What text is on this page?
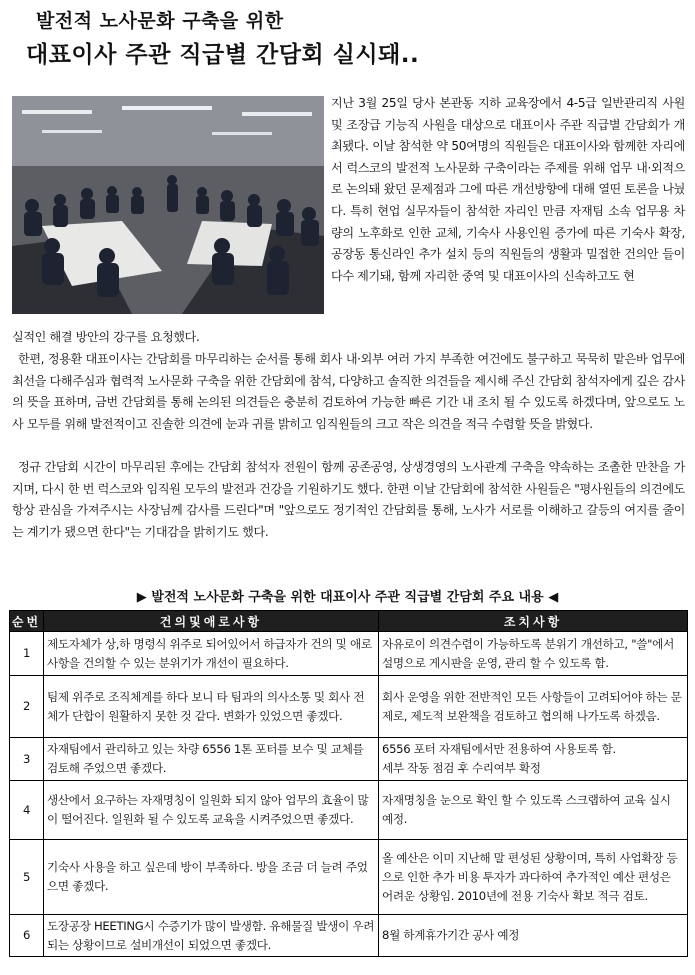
발전적 노사문화 구축을 위한
대표이사 주관 직급별 간담회 실시돼..

지난 3월 25일 당사 본관동 지하 교육장에서 4-5급 일반관리직 사원 및 조장급 기능직 사원을 대상으로 대표이사 주관 직급별 간담회가 개최됐다. 이날 참석한 약 50여명의 직원들은 대표이사와 함께한 자리에서 럭스코의 발전적 노사문화 구축이라는 주제를 위해 업무 내·외적으로 논의돼 왔던 문제점과 그에 따른 개선방향에 대해 열띤 토론을 나눴다. 특히 현업 실무자들이 참석한 자리인 만큼 자재팀 소속 업무용 차량의 노후화로 인한 교체, 기숙사 사용인원 증가에 따른 기숙사 확장, 공장동 통신라인 추가 설치 등의 직원들의 생활과 밀접한 건의안 들이 다수 제기돼, 함께 자리한 중역 및 대표이사의 신속하고도 현

실적인 해결 방안의 강구를 요청했다.

한편, 정용환 대표이사는 간담회를 마무리하는 순서를 통해 회사 내·외부 여러 가지 부족한 여건에도 불구하고 묵묵히 맡은바 업무에 최선을 다해주심과 협력적 노사문화 구축을 위한 간담회에 참석, 다양하고 솔직한 의견들을 제시해 주신 간담회 참석자에게 깊은 감사의 뜻을 표하며, 금번 간담회를 통해 논의된 의견들은 충분히 검토하여 가능한 빠른 기간 내 조치 될 수 있도록 하겠다며, 앞으로도 노사 모두를 위해 발전적이고 진솔한 의견에 눈과 귀를 밝히고 임직원들의 크고 작은 의견을 적극 수렴할 뜻을 밝혔다.

정규 간담회 시간이 마무리된 후에는 간담회 참석자 전원이 함께 공존공영, 상생경영의 노사관계 구축을 약속하는 조촐한 만찬을 가지며, 다시 한 번 럭스코와 임직원 모두의 발전과 건강을 기원하기도 했다. 한편 이날 간담회에 참석한 사원들은 "평사원들의 의견에도 항상 관심을 가져주시는 사장님께 감사를 드린다"며 "앞으로도 정기적인 간담회를 통해, 노사가 서로를 이해하고 갈등의 여지를 줄이는 계기가 됐으면 한다"는 기대감을 밝히기도 했다.

▶ 발전적 노사문화 구축을 위한 대표이사 주관 직급별 간담회 주요 내용 ◀
순번	건의및애로사항	조치사항
1	제도자체가 상,하 명령식 위주로 되어있어서 하급자가 건의 및 애로사항을 건의할 수 있는 분위기가 개선이 필요하다.	자유로이 의견수렴이 가능하도록 분위기 개선하고, "쓸"에서 설명으로 게시판을 운영, 관리 할 수 있도록 함.
2	팀제 위주로 조직체계를 하다 보니 타 팀과의 의사소통 및 회사 전체가 단합이 원활하지 못한 것 같다. 변화가 있었으면 좋겠다.	회사 운영을 위한 전반적인 모든 사항들이 고려되어야 하는 문제로, 제도적 보완책을 검토하고 협의해 나가도록 하겠음.
3	자재팀에서 관리하고 있는 차량 6556 1톤 포터를 보수 및 교체를 검토해 주었으면 좋겠다.	6556 포터 자재팀에서만 전용하여 사용토록 함.
세부 작동 점검 후 수리여부 확정
4	생산에서 요구하는 자재명칭이 일원화 되지 않아 업무의 효율이 많이 떨어진다. 일원화 될 수 있도록 교육을 시켜주었으면 좋겠다.	자재명칭을 눈으로 확인 할 수 있도록 스크랩하여 교육 실시 예정.
5	기숙사 사용을 하고 싶은데 방이 부족하다. 방을 조금 더 늘려 주었으면 좋겠다.	올 예산은 이미 지난해 말 편성된 상황이며, 특히 사업확장 등으로 인한 추가 비용 투자가 과다하여 추가적인 예산 편성은 어려운 상황임. 2010년에 전용 기숙사 확보 적극 검토.
6	도장공장 HEETING시 수증기가 많이 발생함. 유해물질 발생이 우려되는 상황이므로 설비개선이 되었으면 좋겠다.	8월 하계휴가기간 공사 예정
